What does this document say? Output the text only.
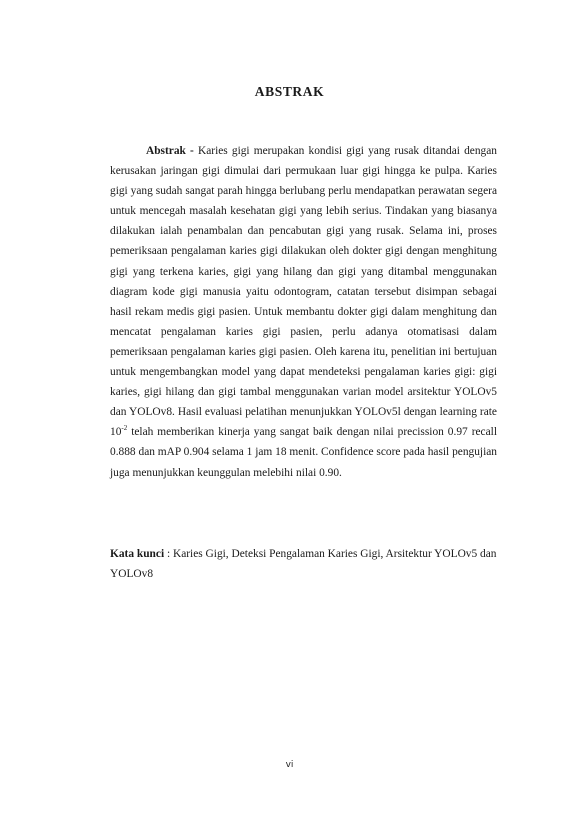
ABSTRAK

Abstrak - Karies gigi merupakan kondisi gigi yang rusak ditandai dengan kerusakan jaringan gigi dimulai dari permukaan luar gigi hingga ke pulpa. Karies gigi yang sudah sangat parah hingga berlubang perlu mendapatkan perawatan segera untuk mencegah masalah kesehatan gigi yang lebih serius. Tindakan yang biasanya dilakukan ialah penambalan dan pencabutan gigi yang rusak. Selama ini, proses pemeriksaan pengalaman karies gigi dilakukan oleh dokter gigi dengan menghitung gigi yang terkena karies, gigi yang hilang dan gigi yang ditambal menggunakan diagram kode gigi manusia yaitu odontogram, catatan tersebut disimpan sebagai hasil rekam medis gigi pasien. Untuk membantu dokter gigi dalam menghitung dan mencatat pengalaman karies gigi pasien, perlu adanya otomatisasi dalam pemeriksaan pengalaman karies gigi pasien. Oleh karena itu, penelitian ini bertujuan untuk mengembangkan model yang dapat mendeteksi pengalaman karies gigi: gigi karies, gigi hilang dan gigi tambal menggunakan varian model arsitektur YOLOv5 dan YOLOv8. Hasil evaluasi pelatihan menunjukkan YOLOv5l dengan learning rate $10^{-2}$ telah memberikan kinerja yang sangat baik dengan nilai precission 0.97 recall 0.888 dan mAP 0.904 selama 1 jam 18 menit. Confidence score pada hasil pengujian juga menunjukkan keunggulan melebihi nilai 0.90.

Kata kunci : Karies Gigi, Deteksi Pengalaman Karies Gigi, Arsitektur YOLOv5 dan YOLOv8

vi
